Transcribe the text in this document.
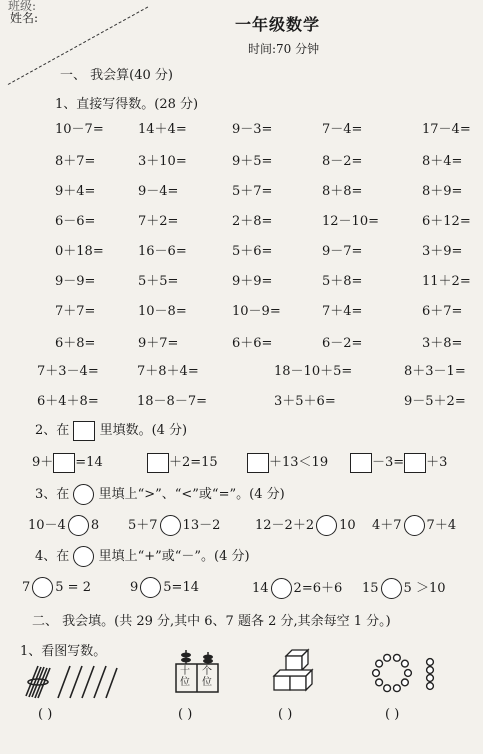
班级:
姓名:	一年级数学
时间:70 分钟
一、 我会算(40 分)
1、直接写得数。(28 分)
10－7=	14＋4=	9－3=	7－4=	17－4=
8＋7=	3＋10=	9＋5=	8－2=	8＋4=
9＋4=	9－4=	5＋7=	8＋8=	8＋9=
6－6=	7＋2=	2＋8=	12－10=	6＋12=
0＋18=	16－6=	5＋6=	9－7=	3＋9=
9－9=	5＋5=	9＋9=	5＋8=	11＋2=
7＋7=	10－8=	10－9=	7＋4=	6＋7=
6＋8=	9＋7=	6＋6=	6－2=	3＋8=
7＋3－4=	7＋8＋4=	18－10＋5=	8＋3－1=
6＋4＋8=	18－8－7=	3＋5＋6=	9－5＋2=
2、在 里填数。(4 分)
9＋ =14	＋2=15	＋13＜19	－3= ＋3
3、在 里填上“>”、“<”或“=”。(4 分)
10－4 8 5＋7 13－2	12－2＋2 10 4＋7 7＋4
4、在 里填上“+”或“－”。(4 分)
7 5 = 2	9 5=14	14 2=6＋6 15 5 ＞10
二、 我会填。(共 29 分,其中 6、7 题各 2 分,其余每空 1 分。)
1、看图写数。
十
位
个
位
( )	( )	( )	( )
